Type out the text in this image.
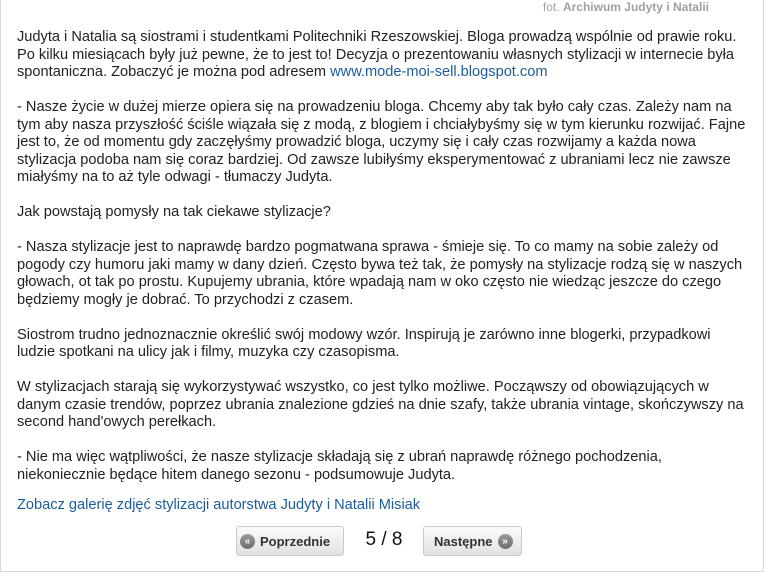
fot. Archiwum Judyty i Natalii

Judyta i Natalia są siostrami i studentkami Politechniki Rzeszowskiej. Bloga prowadzą wspólnie od prawie roku. Po kilku miesiącach były już pewne, że to jest to! Decyzja o prezentowaniu własnych stylizacji w internecie była spontaniczna. Zobaczyć je można pod adresem www.mode-moi-sell.blogspot.com

- Nasze życie w dużej mierze opiera się na prowadzeniu bloga. Chcemy aby tak było cały czas. Zależy nam na tym aby nasza przyszłość ściśle wiązała się z modą, z blogiem i chciałybyśmy się w tym kierunku rozwijać. Fajne jest to, że od momentu gdy zaczęłyśmy prowadzić bloga, uczymy się i cały czas rozwijamy a każda nowa stylizacja podoba nam się coraz bardziej. Od zawsze lubiłyśmy eksperymentować z ubraniami lecz nie zawsze miałyśmy na to aż tyle odwagi - tłumaczy Judyta.

Jak powstają pomysły na tak ciekawe stylizacje?

- Nasza stylizacje jest to naprawdę bardzo pogmatwana sprawa - śmieje się. To co mamy na sobie zależy od pogody czy humoru jaki mamy w dany dzień. Często bywa też tak, że pomysły na stylizacje rodzą się w naszych głowach, ot tak po prostu. Kupujemy ubrania, które wpadają nam w oko często nie wiedząc jeszcze do czego będziemy mogły je dobrać. To przychodzi z czasem.

Siostrom trudno jednoznacznie określić swój modowy wzór. Inspirują je zarówno inne blogerki, przypadkowi ludzie spotkani na ulicy jak i filmy, muzyka czy czasopisma.

W stylizacjach starają się wykorzystywać wszystko, co jest tylko możliwe. Począwszy od obowiązujących w danym czasie trendów, poprzez ubrania znalezione gdzieś na dnie szafy, także ubrania vintage, skończywszy na second hand'owych perełkach.

- Nie ma więc wątpliwości, że nasze stylizacje składają się z ubrań naprawdę różnego pochodzenia, niekoniecznie będące hitem danego sezonu - podsumowuje Judyta.

Zobacz galerię zdjęć stylizacji autorstwa Judyty i Natalii Misiak
« Poprzednie 5 / 8 Następne »
